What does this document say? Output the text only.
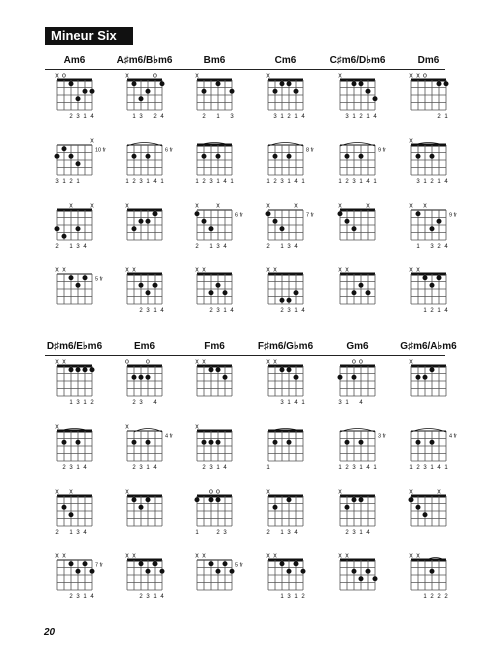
Mineur Six
Am6	A♯m6/B♭m6	Bm6	Cm6	C♯m6/D♭m6	Dm6
D♯m6/E♭m6	Em6	Fm6	F♯m6/G♭m6	Gm6	G♯m6/A♭m6
x o
2 3 1 4
x
10 fr
3 1 2 1
x	x
2 1 3 4
x x
5 fr
x	o
1 3 2 4
6 fr
1 2 3 1 4 1
x
x x
2 3 1 4
x
2 1 3
1 2 3 1 4 1
x	x
6 fr
2 1 3 4
x x
2 3 1 4
x
3 1 2 1 4
8 fr
1 2 3 1 4 1
x	x
7 fr
2 1 3 4
x x
2 3 1 4
x
3 1 2 1 4
9 fr
1 2 3 1 4 1
x	x
x x
x x o
2 1
x
3 1 2 1 4
x x
9 fr
1 3 2 4
x x
1 2 1 4
x x
1 3 1 2
x
2 3 1 4
x x
2 1 3 4
x x
7 fr
2 3 1 4
o o
2 3 4
x
4 fr
2 3 1 4
x
x x
2 3 1 4
x x
x
2 3 1 4
o o
1	2 3
x x
5 fr
x x
3 1 4 1
1
x
2 1 3 4
x x
1 3 1 2
o o
3 1 4
3 fr
1 2 3 1 4 1
x
2 3 1 4
x x
x
4 fr
1 2 3 1 4 1
x	x
x x
1 2 2 2
20
